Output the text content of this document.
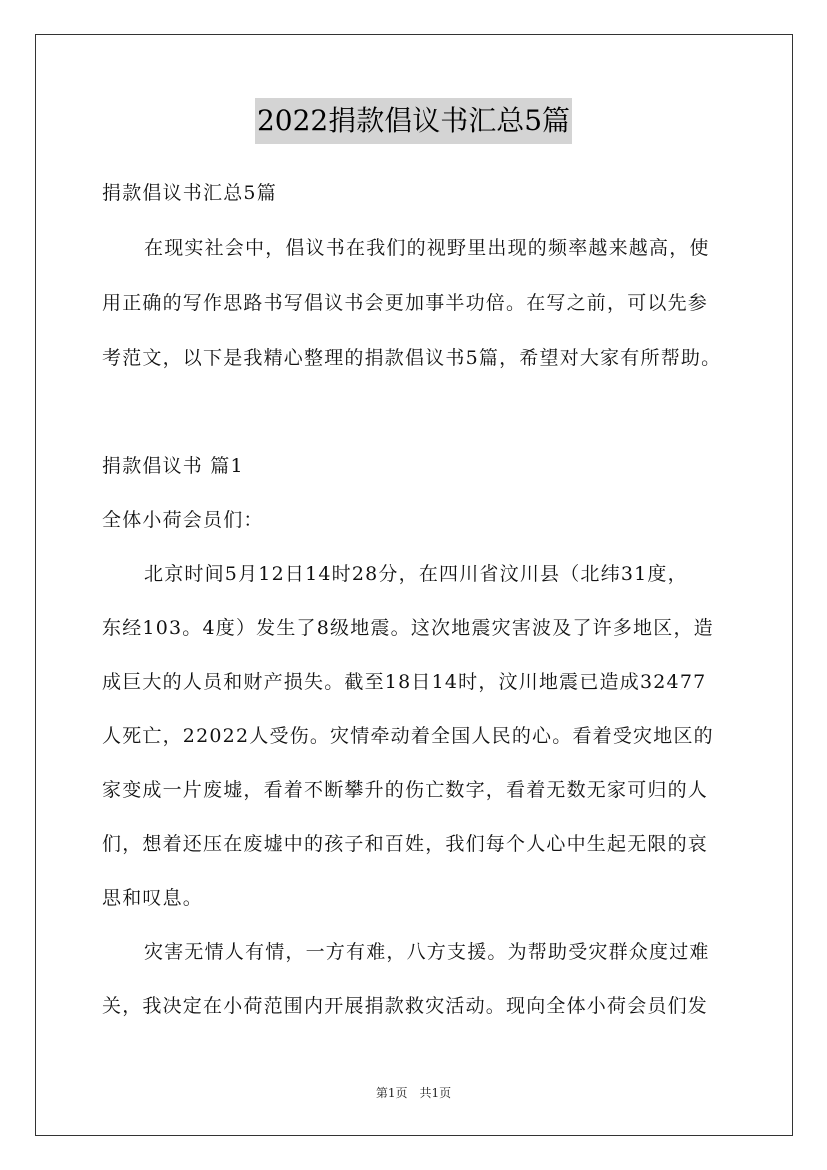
2022捐款倡议书汇总5篇
捐款倡议书汇总5篇
在现实社会中，倡议书在我们的视野里出现的频率越来越高，使
用正确的写作思路书写倡议书会更加事半功倍。在写之前，可以先参
考范文，以下是我精心整理的捐款倡议书5篇，希望对大家有所帮助。
捐款倡议书 篇1
全体小荷会员们：
北京时间5月12日14时28分，在四川省汶川县（北纬31度，
东经103。4度）发生了8级地震。这次地震灾害波及了许多地区，造
成巨大的人员和财产损失。截至18日14时，汶川地震已造成32477
人死亡，22022人受伤。灾情牵动着全国人民的心。看着受灾地区的
家变成一片废墟，看着不断攀升的伤亡数字，看着无数无家可归的人
们，想着还压在废墟中的孩子和百姓，我们每个人心中生起无限的哀
思和叹息。
灾害无情人有情，一方有难，八方支援。为帮助受灾群众度过难
关，我决定在小荷范围内开展捐款救灾活动。现向全体小荷会员们发
第1页　共1页
